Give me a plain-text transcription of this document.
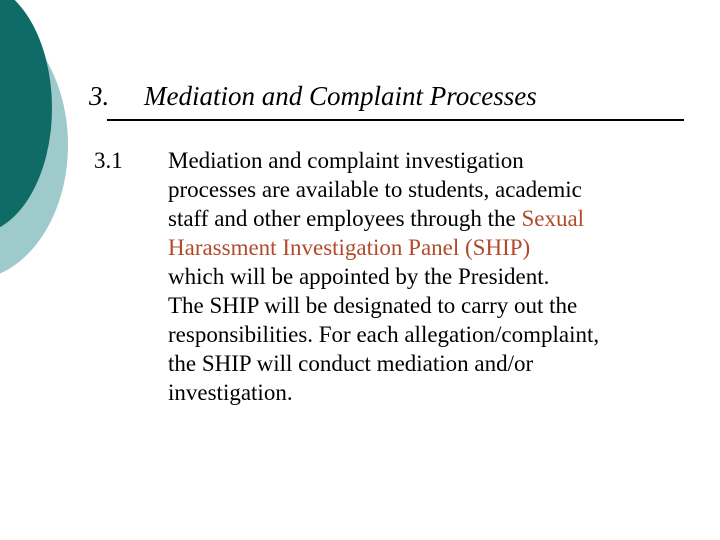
3. Mediation and Complaint Processes
3.1 Mediation and complaint investigation
processes are available to students, academic
staff and other employees through the Sexual
Harassment Investigation Panel (SHIP)
which will be appointed by the President.
The SHIP will be designated to carry out the
responsibilities. For each allegation/complaint,
the SHIP will conduct mediation and/or
investigation.
